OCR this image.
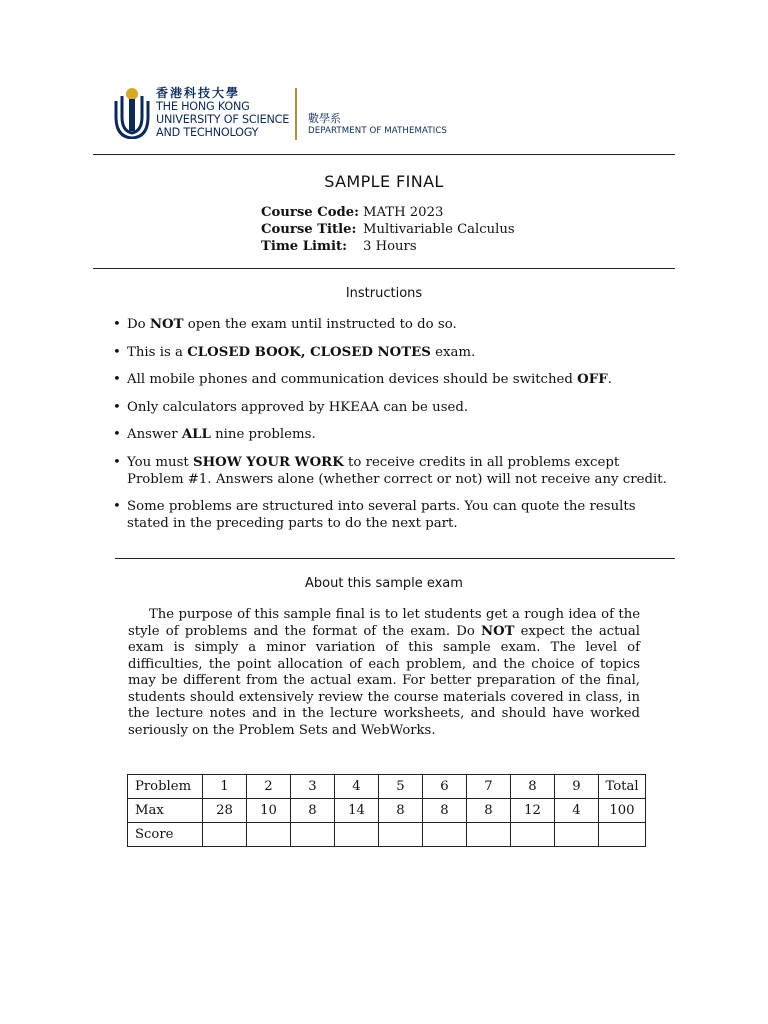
香港科技大學
THE HONG KONG
UNIVERSITY OF SCIENCE
AND TECHNOLOGY
數學系
DEPARTMENT OF MATHEMATICS
SAMPLE FINAL
Course Code: MATH 2023
Course Title: Multivariable Calculus
Time Limit:	3 Hours
Instructions
• Do NOT open the exam until instructed to do so.
• This is a CLOSED BOOK, CLOSED NOTES exam.
• All mobile phones and communication devices should be switched OFF.
• Only calculators approved by HKEAA can be used.
• Answer ALL nine problems.
• You must SHOW YOUR WORK to receive credits in all problems except Problem #1. Answers alone (whether correct or not) will not receive any credit.
• Some problems are structured into several parts. You can quote the results stated in the preceding parts to do the next part.
About this sample exam
The purpose of this sample final is to let students get a rough idea of the style of problems and the format of the exam. Do NOT expect the actual exam is simply a minor variation of this sample exam. The level of difficulties, the point allocation of each problem, and the choice of topics may be different from the actual exam. For better preparation of the final, students should extensively review the course materials covered in class, in the lecture notes and in the lecture worksheets, and should have worked seriously on the Problem Sets and WebWorks.
Problem	1	2	3	4	5	6	7	8	9	Total
Max	28	10	8	14	8	8	8	12	4	100
Score										
